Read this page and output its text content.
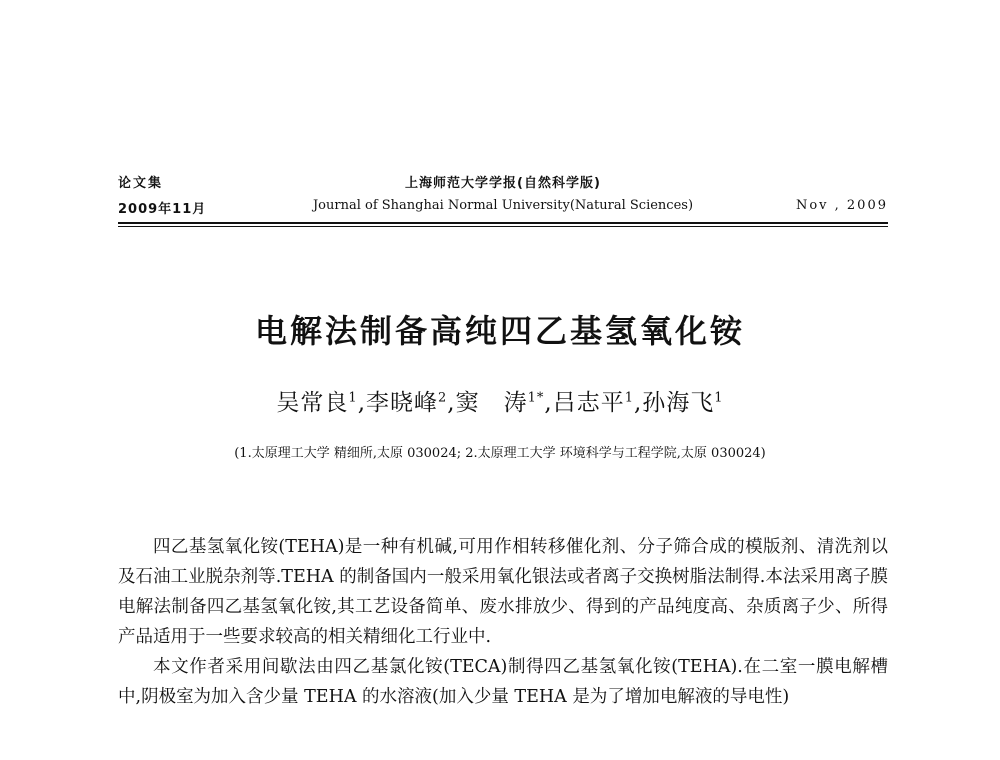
论文集	上海师范大学学报(自然科学版)
2009年11月	Journal of Shanghai Normal University(Natural Sciences)	Nov , 2009
电解法制备高纯四乙基氢氧化铵
吴常良$^1$,李晓峰$^2$,窦　涛$^{1*}$,吕志平$^1$,孙海飞$^1$
(1.太原理工大学 精细所,太原 030024; 2.太原理工大学 环境科学与工程学院,太原 030024)

四乙基氢氧化铵(TEHA)是一种有机碱,可用作相转移催化剂、分子筛合成的模版剂、清洗剂以及石油工业脱杂剂等.TEHA 的制备国内一般采用氧化银法或者离子交换树脂法制得.本法采用离子膜电解法制备四乙基氢氧化铵,其工艺设备简单、废水排放少、得到的产品纯度高、杂质离子少、所得产品适用于一些要求较高的相关精细化工行业中.

本文作者采用间歇法由四乙基氯化铵(TECA)制得四乙基氢氧化铵(TEHA).在二室一膜电解槽中,阴极室为加入含少量 TEHA 的水溶液(加入少量 TEHA 是为了增加电解液的导电性)
